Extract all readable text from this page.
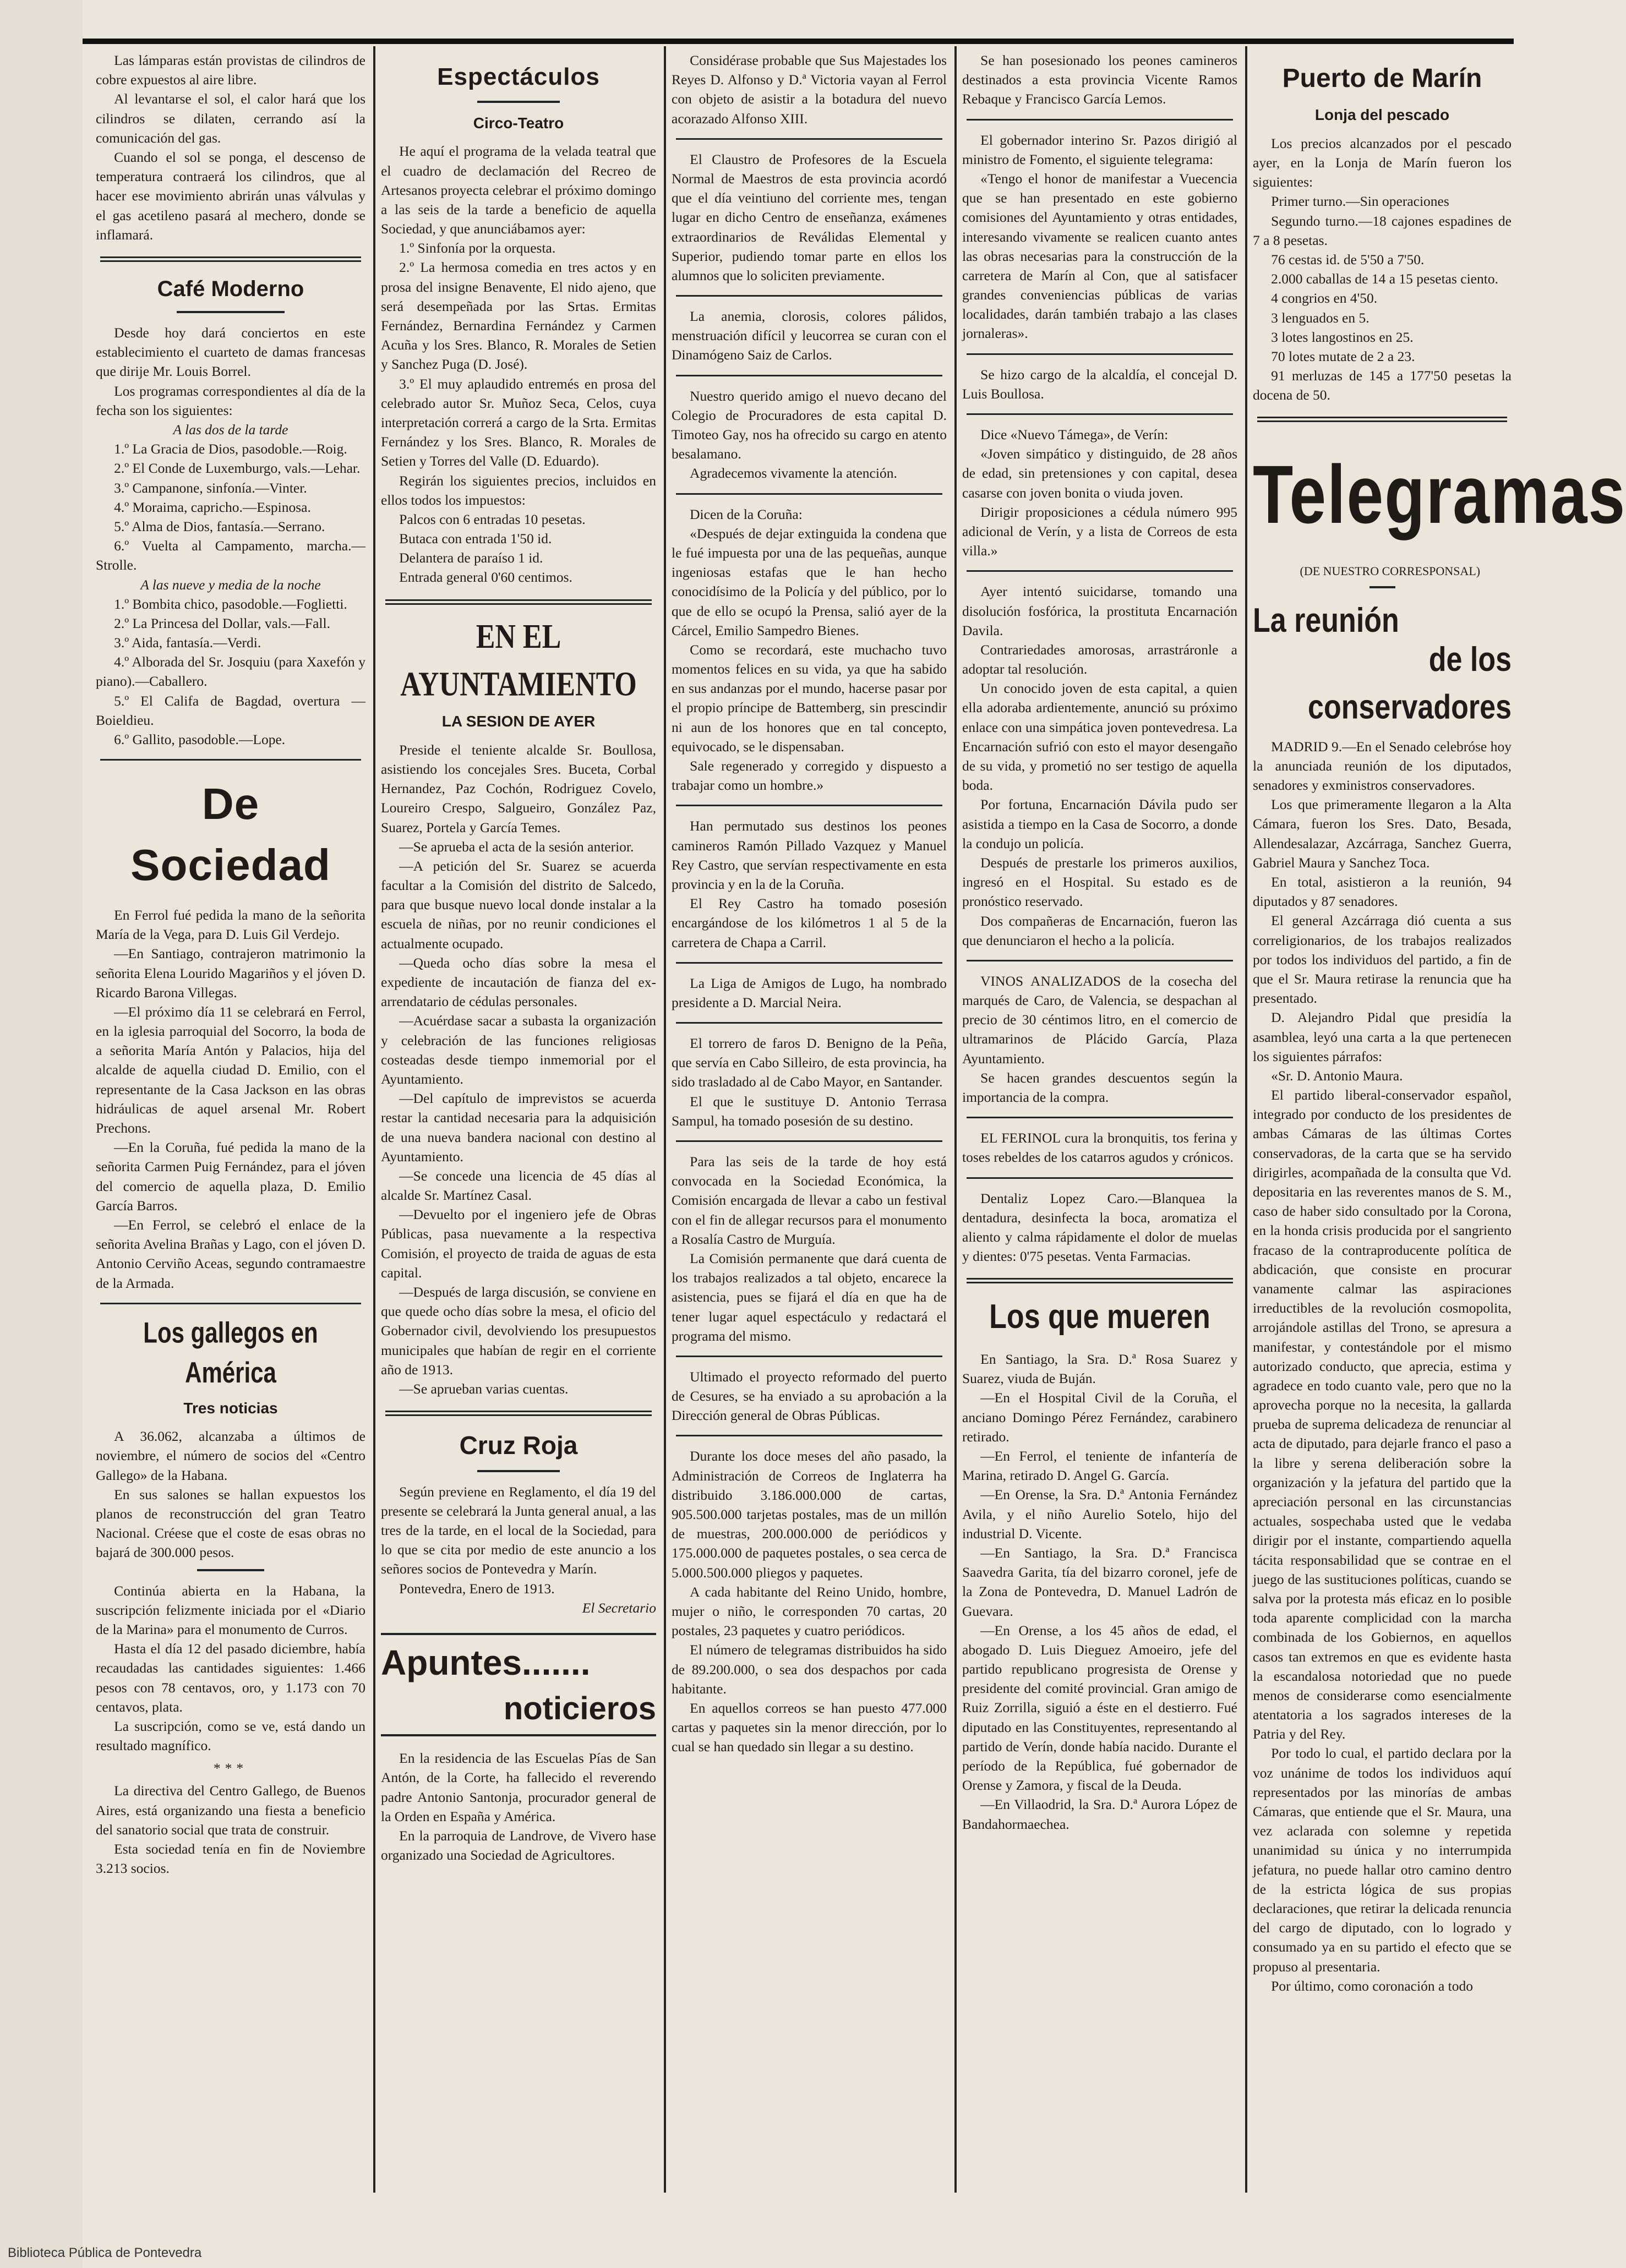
Las lámparas están provistas de cilindros de cobre expuestos al aire libre.

Al levantarse el sol, el calor hará que los cilindros se dilaten, cerrando así la comunicación del gas.

Cuando el sol se ponga, el descenso de temperatura contraerá los cilindros, que al hacer ese movimiento abrirán unas válvulas y el gas acetileno pasará al mechero, donde se inflamará.

Café Moderno

Desde hoy dará conciertos en este establecimiento el cuarteto de damas francesas que dirije Mr. Louis Borrel.

Los programas correspondientes al día de la fecha son los siguientes:

A las dos de la tarde

1.º La Gracia de Dios, pasodoble.—Roig.

2.º El Conde de Luxemburgo, vals.—Lehar.

3.º Campanone, sinfonía.—Vinter.

4.º Moraima, capricho.—Espinosa.

5.º Alma de Dios, fantasía.—Serrano.

6.º Vuelta al Campamento, marcha.—Strolle.

A las nueve y media de la noche

1.º Bombita chico, pasodoble.—Foglietti.

2.º La Princesa del Dollar, vals.—Fall.

3.º Aida, fantasía.—Verdi.

4.º Alborada del Sr. Josquiu (para Xaxefón y piano).—Caballero.

5.º El Califa de Bagdad, overtura —Boieldieu.

6.º Gallito, pasodoble.—Lope.

De Sociedad

En Ferrol fué pedida la mano de la señorita María de la Vega, para D. Luis Gil Verdejo.

—En Santiago, contrajeron matrimonio la señorita Elena Lourido Magariños y el jóven D. Ricardo Barona Villegas.

—El próximo día 11 se celebrará en Ferrol, en la iglesia parroquial del Socorro, la boda de a señorita María Antón y Palacios, hija del alcalde de aquella ciudad D. Emilio, con el representante de la Casa Jackson en las obras hidráulicas de aquel arsenal Mr. Robert Prechons.

—En la Coruña, fué pedida la mano de la señorita Carmen Puig Fernández, para el jóven del comercio de aquella plaza, D. Emilio García Barros.

—En Ferrol, se celebró el enlace de la señorita Avelina Brañas y Lago, con el jóven D. Antonio Cerviño Aceas, segundo contramaestre de la Armada.

Los gallegos en América
Tres noticias

A 36.062, alcanzaba a últimos de noviembre, el número de socios del «Centro Gallego» de la Habana.

En sus salones se hallan expuestos los planos de reconstrucción del gran Teatro Nacional. Créese que el coste de esas obras no bajará de 300.000 pesos.

Continúa abierta en la Habana, la suscripción felizmente iniciada por el «Diario de la Marina» para el monumento de Curros.

Hasta el día 12 del pasado diciembre, había recaudadas las cantidades siguientes: 1.466 pesos con 78 centavos, oro, y 1.173 con 70 centavos, plata.

La suscripción, como se ve, está dando un resultado magnífico.

***

La directiva del Centro Gallego, de Buenos Aires, está organizando una fiesta a beneficio del sanatorio social que trata de construir.

Esta sociedad tenía en fin de Noviembre 3.213 socios.

Espectáculos
Circo-Teatro

He aquí el programa de la velada teatral que el cuadro de declamación del Recreo de Artesanos proyecta celebrar el próximo domingo a las seis de la tarde a beneficio de aquella Sociedad, y que anunciábamos ayer:

1.º Sinfonía por la orquesta.

2.º La hermosa comedia en tres actos y en prosa del insigne Benavente, El nido ajeno, que será desempeñada por las Srtas. Ermitas Fernández, Bernardina Fernández y Carmen Acuña y los Sres. Blanco, R. Morales de Setien y Sanchez Puga (D. José).

3.º El muy aplaudido entremés en prosa del celebrado autor Sr. Muñoz Seca, Celos, cuya interpretación correrá a cargo de la Srta. Ermitas Fernández y los Sres. Blanco, R. Morales de Setien y Torres del Valle (D. Eduardo).

Regirán los siguientes precios, incluidos en ellos todos los impuestos:

Palcos con 6 entradas 10 pesetas.

Butaca con entrada 1'50 id.

Delantera de paraíso 1 id.

Entrada general 0'60 centimos.

EN EL AYUNTAMIENTO
LA SESION DE AYER

Preside el teniente alcalde Sr. Boullosa, asistiendo los concejales Sres. Buceta, Corbal Hernandez, Paz Cochón, Rodriguez Covelo, Loureiro Crespo, Salgueiro, González Paz, Suarez, Portela y García Temes.

—Se aprueba el acta de la sesión anterior.

—A petición del Sr. Suarez se acuerda facultar a la Comisión del distrito de Salcedo, para que busque nuevo local donde instalar a la escuela de niñas, por no reunir condiciones el actualmente ocupado.

—Queda ocho días sobre la mesa el expediente de incautación de fianza del ex-arrendatario de cédulas personales.

—Acuérdase sacar a subasta la organización y celebración de las funciones religiosas costeadas desde tiempo inmemorial por el Ayuntamiento.

—Del capítulo de imprevistos se acuerda restar la cantidad necesaria para la adquisición de una nueva bandera nacional con destino al Ayuntamiento.

—Se concede una licencia de 45 días al alcalde Sr. Martínez Casal.

—Devuelto por el ingeniero jefe de Obras Públicas, pasa nuevamente a la respectiva Comisión, el proyecto de traida de aguas de esta capital.

—Después de larga discusión, se conviene en que quede ocho días sobre la mesa, el oficio del Gobernador civil, devolviendo los presupuestos municipales que habían de regir en el corriente año de 1913.

—Se aprueban varias cuentas.

Cruz Roja

Según previene en Reglamento, el día 19 del presente se celebrará la Junta general anual, a las tres de la tarde, en el local de la Sociedad, para lo que se cita por medio de este anuncio a los señores socios de Pontevedra y Marín.

Pontevedra, Enero de 1913.

El Secretario

Apuntes.......
noticieros

En la residencia de las Escuelas Pías de San Antón, de la Corte, ha fallecido el reverendo padre Antonio Santonja, procurador general de la Orden en España y América.

En la parroquia de Landrove, de Vivero hase organizado una Sociedad de Agricultores.

Considérase probable que Sus Majestades los Reyes D. Alfonso y D.ª Victoria vayan al Ferrol con objeto de asistir a la botadura del nuevo acorazado Alfonso XIII.

El Claustro de Profesores de la Escuela Normal de Maestros de esta provincia acordó que el día veintiuno del corriente mes, tengan lugar en dicho Centro de enseñanza, exámenes extraordinarios de Reválidas Elemental y Superior, pudiendo tomar parte en ellos los alumnos que lo soliciten previamente.

La anemia, clorosis, colores pálidos, menstruación difícil y leucorrea se curan con el Dinamógeno Saiz de Carlos.

Nuestro querido amigo el nuevo decano del Colegio de Procuradores de esta capital D. Timoteo Gay, nos ha ofrecido su cargo en atento besalamano.

Agradecemos vivamente la atención.

Dicen de la Coruña:

«Después de dejar extinguida la condena que le fué impuesta por una de las pequeñas, aunque ingeniosas estafas que le han hecho conocidísimo de la Policía y del público, por lo que de ello se ocupó la Prensa, salió ayer de la Cárcel, Emilio Sampedro Bienes.

Como se recordará, este muchacho tuvo momentos felices en su vida, ya que ha sabido en sus andanzas por el mundo, hacerse pasar por el propio príncipe de Battemberg, sin prescindir ni aun de los honores que en tal concepto, equivocado, se le dispensaban.

Sale regenerado y corregido y dispuesto a trabajar como un hombre.»

Han permutado sus destinos los peones camineros Ramón Pillado Vazquez y Manuel Rey Castro, que servían respectivamente en esta provincia y en la de la Coruña.

El Rey Castro ha tomado posesión encargándose de los kilómetros 1 al 5 de la carretera de Chapa a Carril.

La Liga de Amigos de Lugo, ha nombrado presidente a D. Marcial Neira.

El torrero de faros D. Benigno de la Peña, que servía en Cabo Silleiro, de esta provincia, ha sido trasladado al de Cabo Mayor, en Santander.

El que le sustituye D. Antonio Terrasa Sampul, ha tomado posesión de su destino.

Para las seis de la tarde de hoy está convocada en la Sociedad Económica, la Comisión encargada de llevar a cabo un festival con el fin de allegar recursos para el monumento a Rosalía Castro de Murguía.

La Comisión permanente que dará cuenta de los trabajos realizados a tal objeto, encarece la asistencia, pues se fijará el día en que ha de tener lugar aquel espectáculo y redactará el programa del mismo.

Ultimado el proyecto reformado del puerto de Cesures, se ha enviado a su aprobación a la Dirección general de Obras Públicas.

Durante los doce meses del año pasado, la Administración de Correos de Inglaterra ha distribuido 3.186.000.000 de cartas, 905.500.000 tarjetas postales, mas de un millón de muestras, 200.000.000 de periódicos y 175.000.000 de paquetes postales, o sea cerca de 5.000.500.000 pliegos y paquetes.

A cada habitante del Reino Unido, hombre, mujer o niño, le corresponden 70 cartas, 20 postales, 23 paquetes y cuatro periódicos.

El número de telegramas distribuidos ha sido de 89.200.000, o sea dos despachos por cada habitante.

En aquellos correos se han puesto 477.000 cartas y paquetes sin la menor dirección, por lo cual se han quedado sin llegar a su destino.

Se han posesionado los peones camineros destinados a esta provincia Vicente Ramos Rebaque y Francisco García Lemos.

El gobernador interino Sr. Pazos dirigió al ministro de Fomento, el siguiente telegrama:

«Tengo el honor de manifestar a Vuecencia que se han presentado en este gobierno comisiones del Ayuntamiento y otras entidades, interesando vivamente se realicen cuanto antes las obras necesarias para la construcción de la carretera de Marín al Con, que al satisfacer grandes conveniencias públicas de varias localidades, darán también trabajo a las clases jornaleras».

Se hizo cargo de la alcaldía, el concejal D. Luis Boullosa.

Dice «Nuevo Támega», de Verín:

«Joven simpático y distinguido, de 28 años de edad, sin pretensiones y con capital, desea casarse con joven bonita o viuda joven.

Dirigir proposiciones a cédula número 995 adicional de Verín, y a lista de Correos de esta villa.»

Ayer intentó suicidarse, tomando una disolución fosfórica, la prostituta Encarnación Davila.

Contrariedades amorosas, arrastráronle a adoptar tal resolución.

Un conocido joven de esta capital, a quien ella adoraba ardientemente, anunció su próximo enlace con una simpática joven pontevedresa. La Encarnación sufrió con esto el mayor desengaño de su vida, y prometió no ser testigo de aquella boda.

Por fortuna, Encarnación Dávila pudo ser asistida a tiempo en la Casa de Socorro, a donde la condujo un policía.

Después de prestarle los primeros auxilios, ingresó en el Hospital. Su estado es de pronóstico reservado.

Dos compañeras de Encarnación, fueron las que denunciaron el hecho a la policía.

VINOS ANALIZADOS de la cosecha del marqués de Caro, de Valencia, se despachan al precio de 30 céntimos litro, en el comercio de ultramarinos de Plácido García, Plaza Ayuntamiento.

Se hacen grandes descuentos según la importancia de la compra.

EL FERINOL cura la bronquitis, tos ferina y toses rebeldes de los catarros agudos y crónicos.

Dentaliz Lopez Caro.—Blanquea la dentadura, desinfecta la boca, aromatiza el aliento y calma rápidamente el dolor de muelas y dientes: 0'75 pesetas. Venta Farmacias.

Los que mueren

En Santiago, la Sra. D.ª Rosa Suarez y Suarez, viuda de Buján.

—En el Hospital Civil de la Coruña, el anciano Domingo Pérez Fernández, carabinero retirado.

—En Ferrol, el teniente de infantería de Marina, retirado D. Angel G. García.

—En Orense, la Sra. D.ª Antonia Fernández Avila, y el niño Aurelio Sotelo, hijo del industrial D. Vicente.

—En Santiago, la Sra. D.ª Francisca Saavedra Garita, tía del bizarro coronel, jefe de la Zona de Pontevedra, D. Manuel Ladrón de Guevara.

—En Orense, a los 45 años de edad, el abogado D. Luis Dieguez Amoeiro, jefe del partido republicano progresista de Orense y presidente del comité provincial. Gran amigo de Ruiz Zorrilla, siguió a éste en el destierro. Fué diputado en las Constituyentes, representando al partido de Verín, donde había nacido. Durante el período de la República, fué gobernador de Orense y Zamora, y fiscal de la Deuda.

—En Villaodrid, la Sra. D.ª Aurora López de Bandahormaechea.

Puerto de Marín
Lonja del pescado

Los precios alcanzados por el pescado ayer, en la Lonja de Marín fueron los siguientes:

Primer turno.—Sin operaciones

Segundo turno.—18 cajones espadines de 7 a 8 pesetas.

76 cestas id. de 5'50 a 7'50.

2.000 caballas de 14 a 15 pesetas ciento.

4 congrios en 4'50.

3 lenguados en 5.

3 lotes langostinos en 25.

70 lotes mutate de 2 a 23.

91 merluzas de 145 a 177'50 pesetas la docena de 50.

Telegramas

(DE NUESTRO CORRESPONSAL)

La reunión
de los conservadores

MADRID 9.—En el Senado celebróse hoy la anunciada reunión de los diputados, senadores y exministros conservadores.

Los que primeramente llegaron a la Alta Cámara, fueron los Sres. Dato, Besada, Allendesalazar, Azcárraga, Sanchez Guerra, Gabriel Maura y Sanchez Toca.

En total, asistieron a la reunión, 94 diputados y 87 senadores.

El general Azcárraga dió cuenta a sus correligionarios, de los trabajos realizados por todos los individuos del partido, a fin de que el Sr. Maura retirase la renuncia que ha presentado.

D. Alejandro Pidal que presidía la asamblea, leyó una carta a la que pertenecen los siguientes párrafos:

«Sr. D. Antonio Maura.

El partido liberal-conservador español, integrado por conducto de los presidentes de ambas Cámaras de las últimas Cortes conservadoras, de la carta que se ha servido dirigirles, acompañada de la consulta que Vd. depositaria en las reverentes manos de S. M., caso de haber sido consultado por la Corona, en la honda crisis producida por el sangriento fracaso de la contraproducente política de abdicación, que consiste en procurar vanamente calmar las aspiraciones irreductibles de la revolución cosmopolita, arrojándole astillas del Trono, se apresura a manifestar, y contestándole por el mismo autorizado conducto, que aprecia, estima y agradece en todo cuanto vale, pero que no la aprovecha porque no la necesita, la gallarda prueba de suprema delicadeza de renunciar al acta de diputado, para dejarle franco el paso a la libre y serena deliberación sobre la organización y la jefatura del partido que la apreciación personal en las circunstancias actuales, sospechaba usted que le vedaba dirigir por el instante, compartiendo aquella tácita responsabilidad que se contrae en el juego de las sustituciones políticas, cuando se salva por la protesta más eficaz en lo posible toda aparente complicidad con la marcha combinada de los Gobiernos, en aquellos casos tan extremos en que es evidente hasta la escandalosa notoriedad que no puede menos de considerarse como esencialmente atentatoria a los sagrados intereses de la Patria y del Rey.

Por todo lo cual, el partido declara por la voz unánime de todos los individuos aquí representados por las minorías de ambas Cámaras, que entiende que el Sr. Maura, una vez aclarada con solemne y repetida unanimidad su única y no interrumpida jefatura, no puede hallar otro camino dentro de la estricta lógica de sus propias declaraciones, que retirar la delicada renuncia del cargo de diputado, con lo logrado y consumado ya en su partido el efecto que se propuso al presentaria.

Por último, como coronación a todo

Biblioteca Pública de Pontevedra
